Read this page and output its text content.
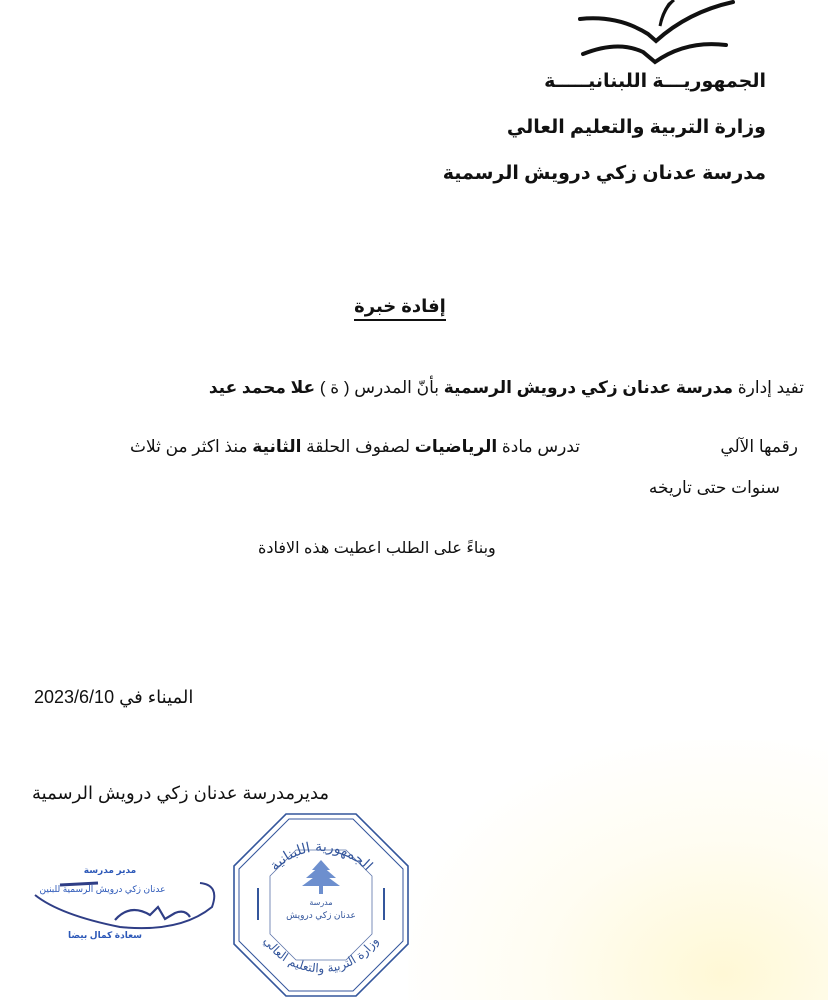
الجمهوريـــة اللبنانيـــــة
وزارة التربية والتعليم العالي
مدرسة عدنان زكي درويش الرسمية
إفادة خبرة
تفيد إدارة مدرسة عدنان زكي درويش الرسمية بأنّ المدرس ( ة ) علا محمد عيد
رقمها الآلي
تدرس مادة الرياضيات لصفوف الحلقة الثانية منذ اكثر من ثلاث
سنوات حتى تاريخه
وبناءً على الطلب اعطيت هذه الافادة
الميناء في 2023/6/10
مديرمدرسة عدنان زكي درويش الرسمية
مدير مدرسة
عدنان زكي درويش الرسمية للبنين
سعادة كمال بيضا
الجمهورية اللبنانية
وزارة التربية والتعليم العالي
مدرسة
عدنان زكي درويش
